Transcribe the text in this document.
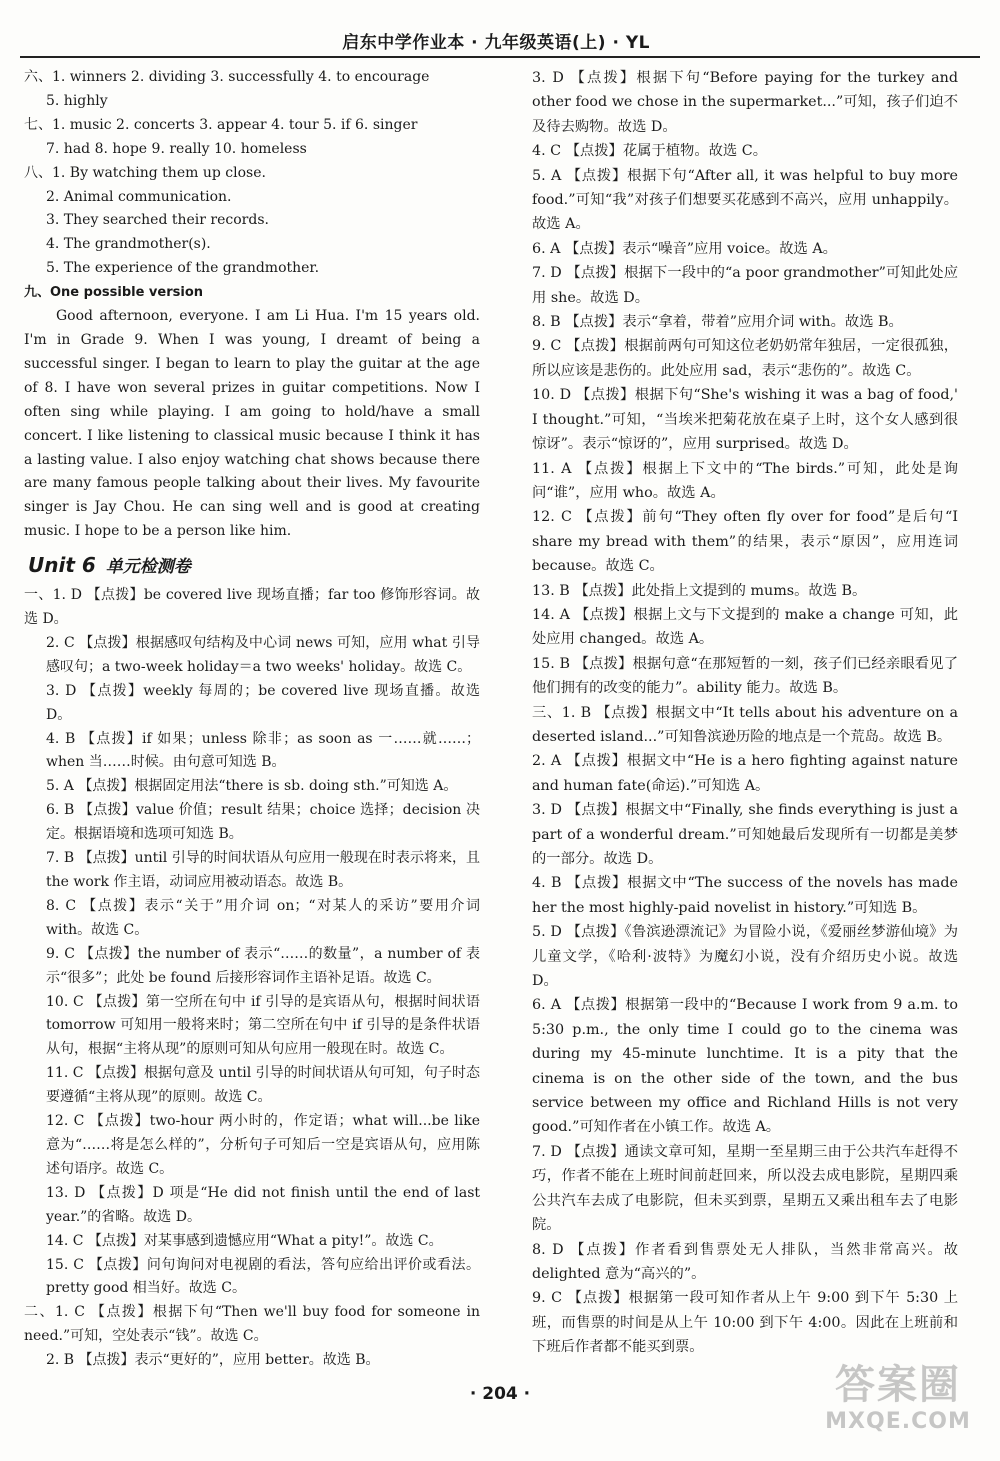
启东中学作业本 · 九年级英语(上) · YL
六、1. winners 2. dividing 3. successfully 4. to encourage
5. highly
七、1. music 2. concerts 3. appear 4. tour 5. if 6. singer
7. had 8. hope 9. really 10. homeless
八、1. By watching them up close.
2. Animal communication.
3. They searched their records.
4. The grandmother(s).
5. The experience of the grandmother.
九、One possible version

Good afternoon, everyone. I am Li Hua. I'm 15 years old. I'm in Grade 9. When I was young, I dreamt of being a successful singer. I began to learn to play the guitar at the age of 8. I have won several prizes in guitar competitions. Now I often sing while playing. I am going to hold/have a small concert. I like listening to classical music because I think it has a lasting value. I also enjoy watching chat shows because there are many famous people talking about their lives. My favourite singer is Jay Chou. He can sing well and is good at creating music. I hope to be a person like him.

Unit 6 单元检测卷

一、1. D 【点拨】be covered live 现场直播；far too 修饰形容词。故选 D。

2. C 【点拨】根据感叹句结构及中心词 news 可知，应用 what 引导感叹句；a two-week holiday＝a two weeks' holiday。故选 C。

3. D 【点拨】weekly 每周的；be covered live 现场直播。故选 D。

4. B 【点拨】if 如果；unless 除非；as soon as 一……就……；when 当……时候。由句意可知选 B。

5. A 【点拨】根据固定用法“there is sb. doing sth.”可知选 A。

6. B 【点拨】value 价值；result 结果；choice 选择；decision 决定。根据语境和选项可知选 B。

7. B 【点拨】until 引导的时间状语从句应用一般现在时表示将来，且 the work 作主语，动词应用被动语态。故选 B。

8. C 【点拨】表示“关于”用介词 on；“对某人的采访”要用介词 with。故选 C。

9. C 【点拨】the number of 表示“……的数量”，a number of 表示“很多”；此处 be found 后接形容词作主语补足语。故选 C。

10. C 【点拨】第一空所在句中 if 引导的是宾语从句，根据时间状语 tomorrow 可知用一般将来时；第二空所在句中 if 引导的是条件状语从句，根据“主将从现”的原则可知从句应用一般现在时。故选 C。

11. C 【点拨】根据句意及 until 引导的时间状语从句可知，句子时态要遵循“主将从现”的原则。故选 C。

12. C 【点拨】two-hour 两小时的，作定语；what will...be like 意为“……将是怎么样的”，分析句子可知后一空是宾语从句，应用陈述句语序。故选 C。

13. D 【点拨】D 项是“He did not finish until the end of last year.”的省略。故选 D。

14. C 【点拨】对某事感到遗憾应用“What a pity!”。故选 C。

15. C 【点拨】问句询问对电视剧的看法，答句应给出评价或看法。pretty good 相当好。故选 C。

二、1. C 【点拨】根据下句“Then we'll buy food for someone in need.”可知，空处表示“钱”。故选 C。

2. B 【点拨】表示“更好的”，应用 better。故选 B。

3. D 【点拨】根据下句“Before paying for the turkey and other food we chose in the supermarket...”可知，孩子们迫不及待去购物。故选 D。

4. C 【点拨】花属于植物。故选 C。

5. A 【点拨】根据下句“After all, it was helpful to buy more food.”可知“我”对孩子们想要买花感到不高兴，应用 unhappily。故选 A。

6. A 【点拨】表示“噪音”应用 voice。故选 A。

7. D 【点拨】根据下一段中的“a poor grandmother”可知此处应用 she。故选 D。

8. B 【点拨】表示“拿着，带着”应用介词 with。故选 B。

9. C 【点拨】根据前两句可知这位老奶奶常年独居，一定很孤独，所以应该是悲伤的。此处应用 sad，表示“悲伤的”。故选 C。

10. D 【点拨】根据下句“She's wishing it was a bag of food,' I thought.”可知，“当埃米把菊花放在桌子上时，这个女人感到很惊讶”。表示“惊讶的”，应用 surprised。故选 D。

11. A 【点拨】根据上下文中的“The birds.”可知，此处是询问“谁”，应用 who。故选 A。

12. C 【点拨】前句“They often fly over for food”是后句“I share my bread with them”的结果，表示“原因”，应用连词 because。故选 C。

13. B 【点拨】此处指上文提到的 mums。故选 B。

14. A 【点拨】根据上文与下文提到的 make a change 可知，此处应用 changed。故选 A。

15. B 【点拨】根据句意“在那短暂的一刻，孩子们已经亲眼看见了他们拥有的改变的能力”。ability 能力。故选 B。

三、1. B 【点拨】根据文中“It tells about his adventure on a deserted island...”可知鲁滨逊历险的地点是一个荒岛。故选 B。

2. A 【点拨】根据文中“He is a hero fighting against nature and human fate(命运).”可知选 A。

3. D 【点拨】根据文中“Finally, she finds everything is just a part of a wonderful dream.”可知她最后发现所有一切都是美梦的一部分。故选 D。

4. B 【点拨】根据文中“The success of the novels has made her the most highly-paid novelist in history.”可知选 B。

5. D 【点拨】《鲁滨逊漂流记》为冒险小说，《爱丽丝梦游仙境》为儿童文学，《哈利·波特》为魔幻小说，没有介绍历史小说。故选 D。

6. A 【点拨】根据第一段中的“Because I work from 9 a.m. to 5:30 p.m., the only time I could go to the cinema was during my 45-minute lunchtime. It is a pity that the cinema is on the other side of the town, and the bus service between my office and Richland Hills is not very good.”可知作者在小镇工作。故选 A。

7. D 【点拨】通读文章可知，星期一至星期三由于公共汽车赶得不巧，作者不能在上班时间前赶回来，所以没去成电影院，星期四乘公共汽车去成了电影院，但未买到票，星期五又乘出租车去了电影院。

8. D 【点拨】作者看到售票处无人排队，当然非常高兴。故 delighted 意为“高兴的”。

9. C 【点拨】根据第一段可知作者从上午 9:00 到下午 5:30 上班，而售票的时间是从上午 10:00 到下午 4:00。因此在上班前和下班后作者都不能买到票。

· 204 ·	答案圈
MXQE.COM
